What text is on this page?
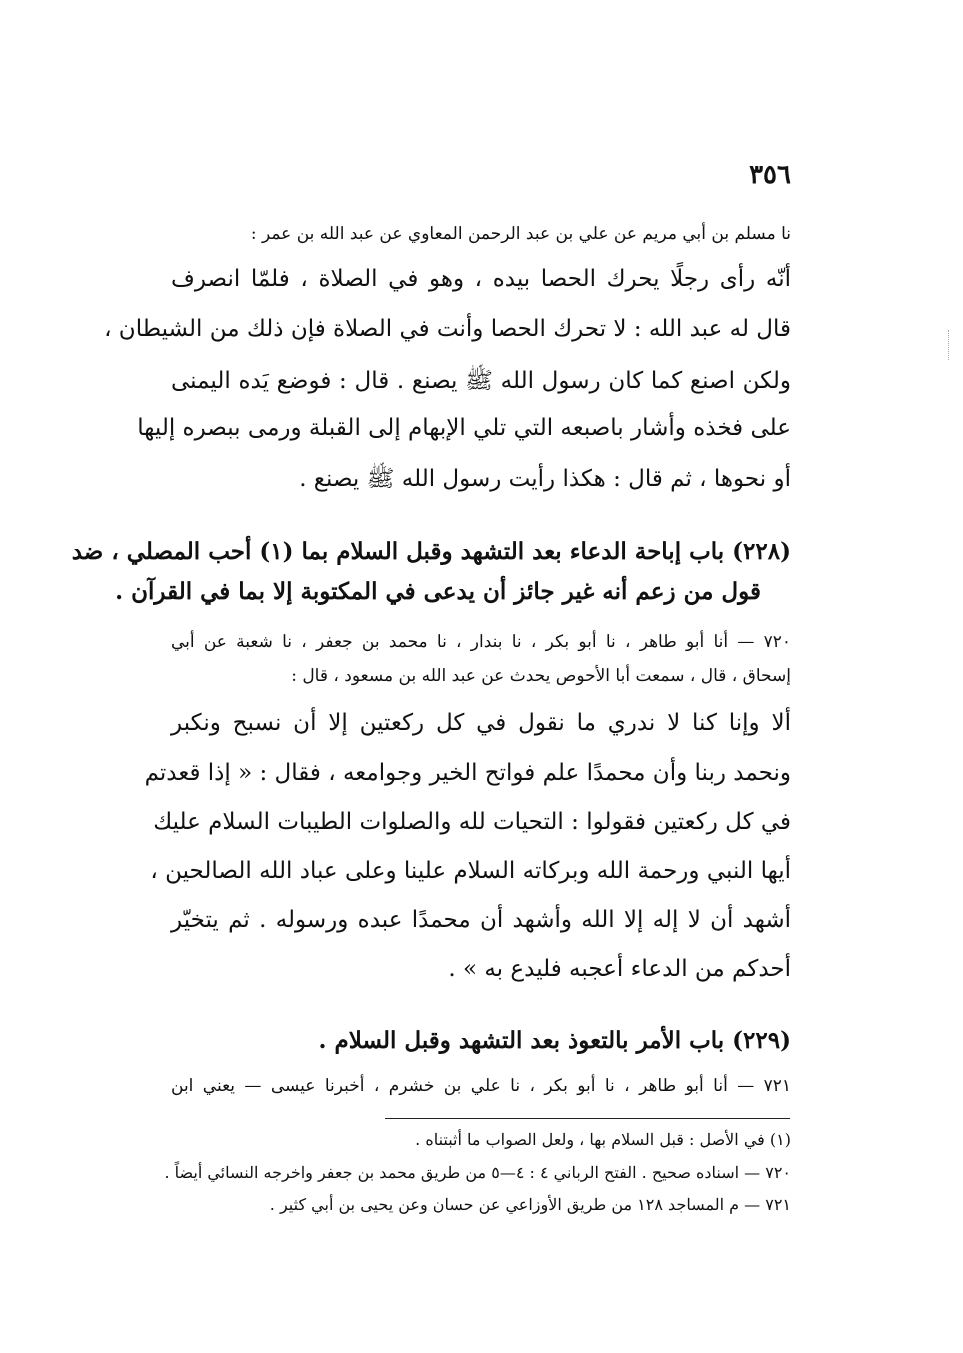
٣٥٦
نا مسلم بن أبي مريم عن علي بن عبد الرحمن المعاوي عن عبد الله بن عمر :
أنّه رأى رجلًا يحرك الحصا بيده ، وهو في الصلاة ، فلمّا انصرف
قال له عبد الله : لا تحرك الحصا وأنت في الصلاة فإن ذلك من الشيطان ،
ولكن اصنع كما كان رسول الله ﷺ يصنع . قال : فوضع يَده اليمنى
على فخذه وأشار باصبعه التي تلي الإبهام إلى القبلة ورمى ببصره إليها
أو نحوها ، ثم قال : هكذا رأيت رسول الله ﷺ يصنع .
(٢٢٨) باب إباحة الدعاء بعد التشهد وقبل السلام بما (١) أحب المصلي ، ضد
قول من زعم أنه غير جائز أن يدعى في المكتوبة إلا بما في القرآن .
٧٢٠ — أنا أبو طاهر ، نا أبو بكر ، نا بندار ، نا محمد بن جعفر ، نا شعبة عن أبي
إسحاق ، قال ، سمعت أبا الأحوص يحدث عن عبد الله بن مسعود ، قال :
ألا وإنا كنا لا ندري ما نقول في كل ركعتين إلا أن نسبح ونكبر
ونحمد ربنا وأن محمدًا علم فواتح الخير وجوامعه ، فقال : « إذا قعدتم
في كل ركعتين فقولوا : التحيات لله والصلوات الطيبات السلام عليك
أيها النبي ورحمة الله وبركاته السلام علينا وعلى عباد الله الصالحين ،
أشهد أن لا إله إلا الله وأشهد أن محمدًا عبده ورسوله . ثم يتخيّر
أحدكم من الدعاء أعجبه فليدع به » .
(٢٢٩) باب الأمر بالتعوذ بعد التشهد وقبل السلام .
٧٢١ — أنا أبو طاهر ، نا أبو بكر ، نا علي بن خشرم ، أخبرنا عيسى — يعني ابن
(١) في الأصل : قبل السلام بها ، ولعل الصواب ما أثبتناه .
٧٢٠ — اسناده صحيح . الفتح الرباني ٤ : ٤—٥ من طريق محمد بن جعفر واخرجه النسائي أيضاً .
٧٢١ — م المساجد ١٢٨ من طريق الأوزاعي عن حسان وعن يحيى بن أبي كثير .
